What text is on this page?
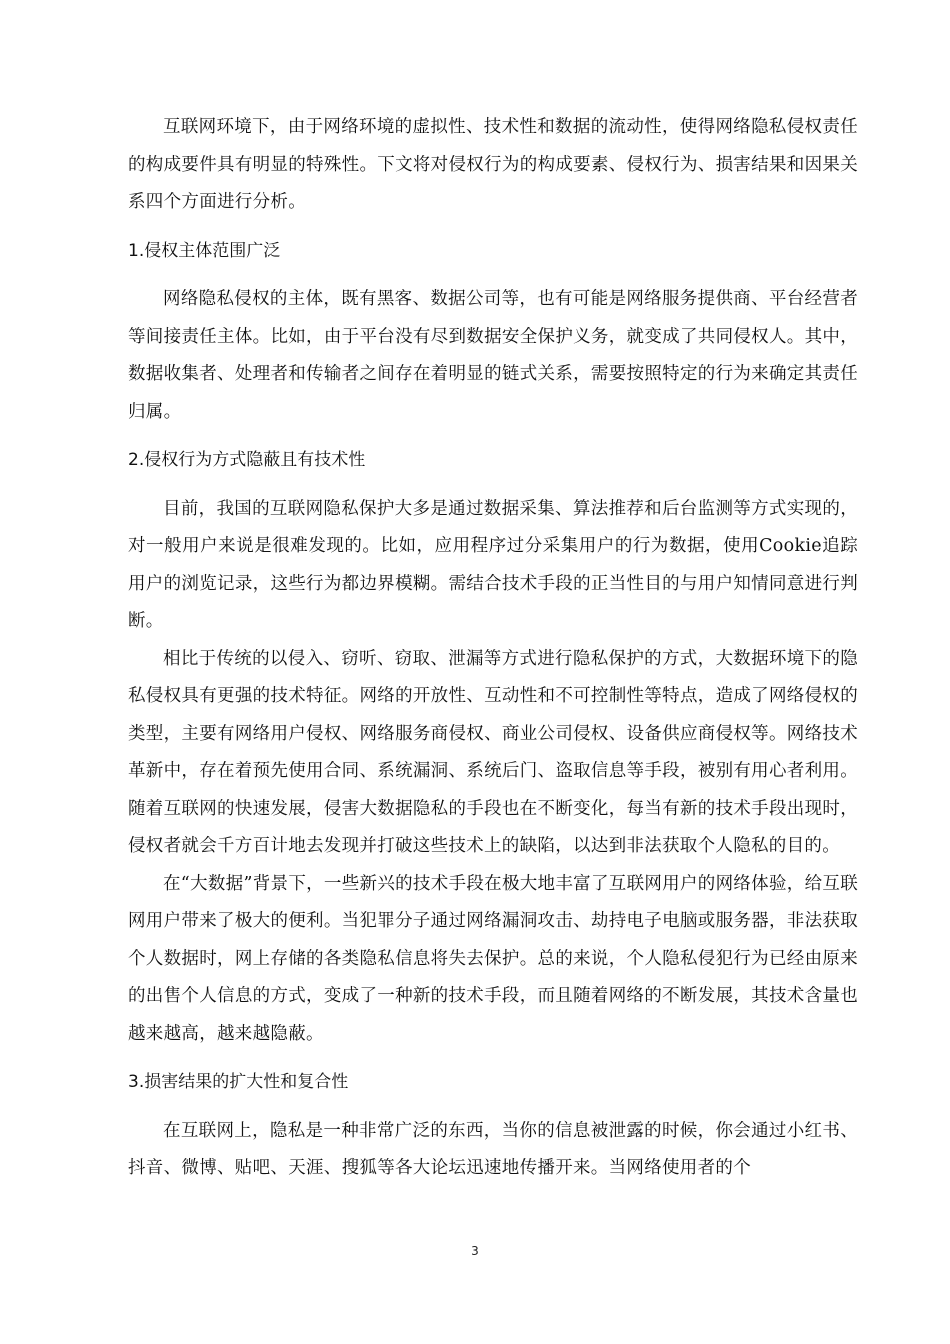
互联网环境下，由于网络环境的虚拟性、技术性和数据的流动性，使得网络隐私侵权责任的构成要件具有明显的特殊性。下文将对侵权行为的构成要素、侵权行为、损害结果和因果关系四个方面进行分析。

1.侵权主体范围广泛

网络隐私侵权的主体，既有黑客、数据公司等，也有可能是网络服务提供商、平台经营者等间接责任主体。比如，由于平台没有尽到数据安全保护义务，就变成了共同侵权人。其中，数据收集者、处理者和传输者之间存在着明显的链式关系，需要按照特定的行为来确定其责任归属。

2.侵权行为方式隐蔽且有技术性

目前，我国的互联网隐私保护大多是通过数据采集、算法推荐和后台监测等方式实现的，对一般用户来说是很难发现的。比如，应用程序过分采集用户的行为数据，使用Cookie追踪用户的浏览记录，这些行为都边界模糊。需结合技术手段的正当性目的与用户知情同意进行判断。

相比于传统的以侵入、窃听、窃取、泄漏等方式进行隐私保护的方式，大数据环境下的隐私侵权具有更强的技术特征。网络的开放性、互动性和不可控制性等特点，造成了网络侵权的类型，主要有网络用户侵权、网络服务商侵权、商业公司侵权、设备供应商侵权等。网络技术革新中，存在着预先使用合同、系统漏洞、系统后门、盗取信息等手段，被别有用心者利用。随着互联网的快速发展，侵害大数据隐私的手段也在不断变化，每当有新的技术手段出现时，侵权者就会千方百计地去发现并打破这些技术上的缺陷，以达到非法获取个人隐私的目的。

在“大数据”背景下，一些新兴的技术手段在极大地丰富了互联网用户的网络体验，给互联网用户带来了极大的便利。当犯罪分子通过网络漏洞攻击、劫持电子电脑或服务器，非法获取个人数据时，网上存储的各类隐私信息将失去保护。总的来说，个人隐私侵犯行为已经由原来的出售个人信息的方式，变成了一种新的技术手段，而且随着网络的不断发展，其技术含量也越来越高，越来越隐蔽。

3.损害结果的扩大性和复合性

在互联网上，隐私是一种非常广泛的东西，当你的信息被泄露的时候，你会通过小红书、抖音、微博、贴吧、天涯、搜狐等各大论坛迅速地传播开来。当网络使用者的个

3
